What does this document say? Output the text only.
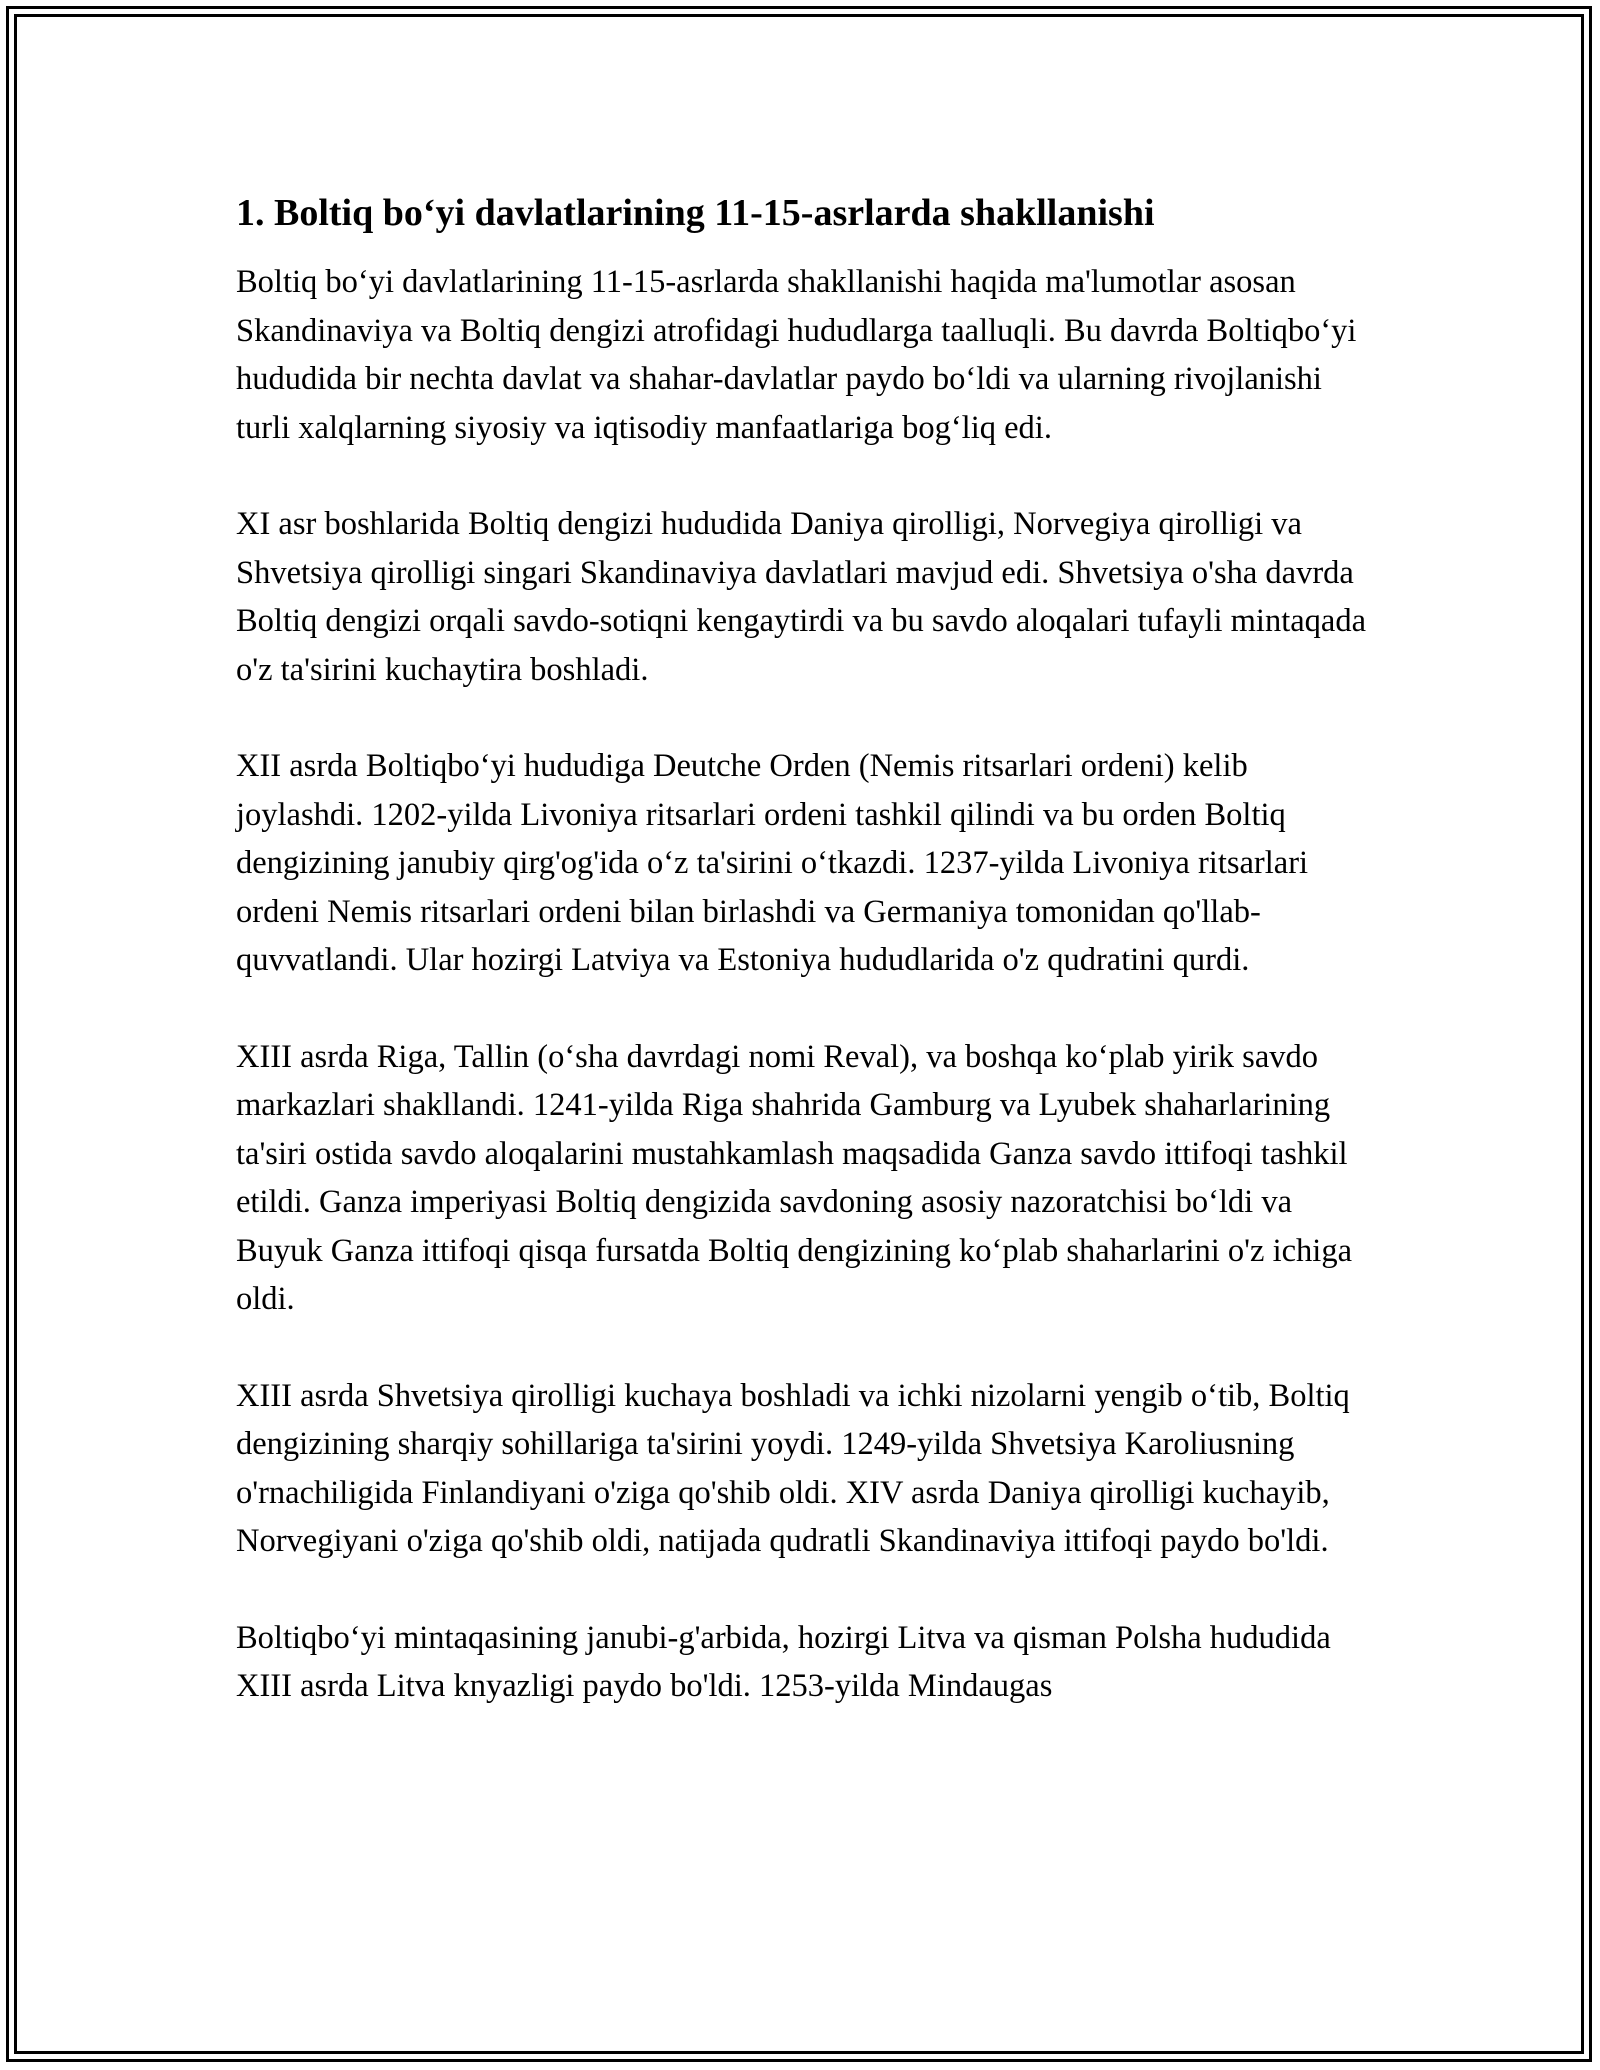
1. Boltiq bo‘yi davlatlarining 11-15-asrlarda shakllanishi

Boltiq bo‘yi davlatlarining 11-15-asrlarda shakllanishi haqida ma'lumotlar asosan Skandinaviya va Boltiq dengizi atrofidagi hududlarga taalluqli. Bu davrda Boltiqbo‘yi hududida bir nechta davlat va shahar-davlatlar paydo bo‘ldi va ularning rivojlanishi turli xalqlarning siyosiy va iqtisodiy manfaatlariga bog‘liq edi.

XI asr boshlarida Boltiq dengizi hududida Daniya qirolligi, Norvegiya qirolligi va Shvetsiya qirolligi singari Skandinaviya davlatlari mavjud edi. Shvetsiya o'sha davrda Boltiq dengizi orqali savdo-sotiqni kengaytirdi va bu savdo aloqalari tufayli mintaqada o'z ta'sirini kuchaytira boshladi.

XII asrda Boltiqbo‘yi hududiga Deutche Orden (Nemis ritsarlari ordeni) kelib joylashdi. 1202-yilda Livoniya ritsarlari ordeni tashkil qilindi va bu orden Boltiq dengizining janubiy qirg'og'ida o‘z ta'sirini o‘tkazdi. 1237-yilda Livoniya ritsarlari ordeni Nemis ritsarlari ordeni bilan birlashdi va Germaniya tomonidan qo'llab-quvvatlandi. Ular hozirgi Latviya va Estoniya hududlarida o'z qudratini qurdi.

XIII asrda Riga, Tallin (o‘sha davrdagi nomi Reval), va boshqa ko‘plab yirik savdo markazlari shakllandi. 1241-yilda Riga shahrida Gamburg va Lyubek shaharlarining ta'siri ostida savdo aloqalarini mustahkamlash maqsadida Ganza savdo ittifoqi tashkil etildi. Ganza imperiyasi Boltiq dengizida savdoning asosiy nazoratchisi bo‘ldi va Buyuk Ganza ittifoqi qisqa fursatda Boltiq dengizining ko‘plab shaharlarini o'z ichiga oldi.

XIII asrda Shvetsiya qirolligi kuchaya boshladi va ichki nizolarni yengib o‘tib, Boltiq dengizining sharqiy sohillariga ta'sirini yoydi. 1249-yilda Shvetsiya Karoliusning o'rnachiligida Finlandiyani o'ziga qo'shib oldi. XIV asrda Daniya qirolligi kuchayib, Norvegiyani o'ziga qo'shib oldi, natijada qudratli Skandinaviya ittifoqi paydo bo'ldi.

Boltiqbo‘yi mintaqasining janubi-g'arbida, hozirgi Litva va qisman Polsha hududida XIII asrda Litva knyazligi paydo bo'ldi. 1253-yilda Mindaugas
